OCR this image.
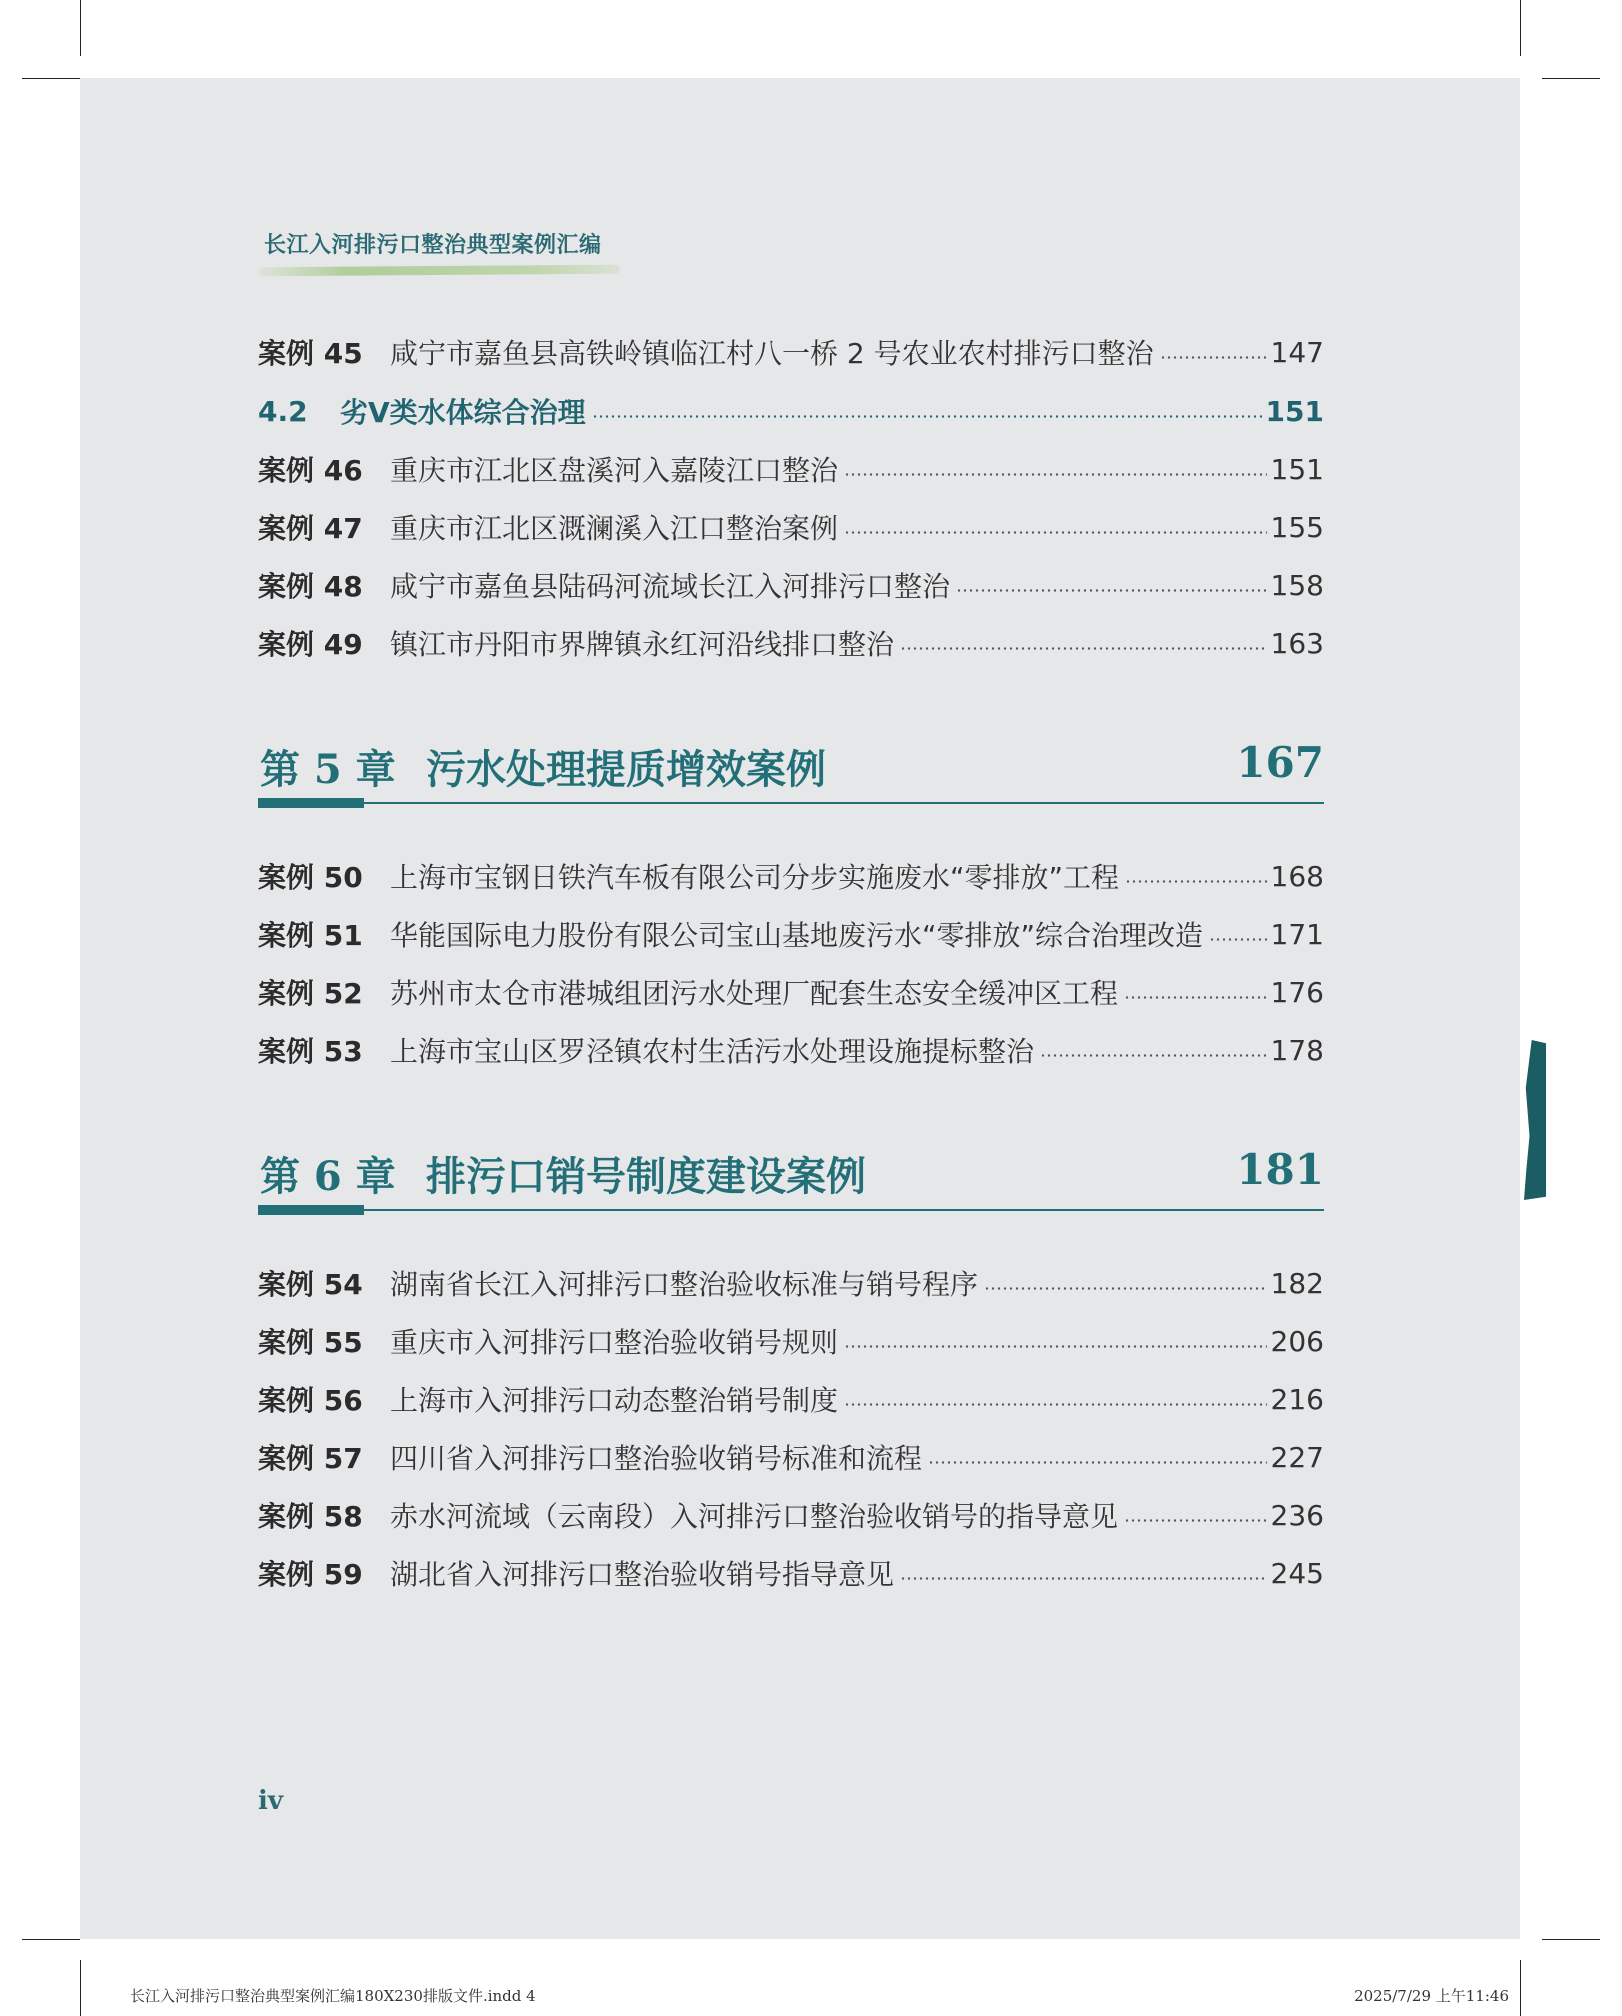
长江入河排污口整治典型案例汇编
案例 45 咸宁市嘉鱼县高铁岭镇临江村八一桥 2 号农业农村排污口整治	147
4.2	劣Ⅴ类水体综合治理	151
案例 46 重庆市江北区盘溪河入嘉陵江口整治	151
案例 47 重庆市江北区溉澜溪入江口整治案例	155
案例 48 咸宁市嘉鱼县陆码河流域长江入河排污口整治	158
案例 49 镇江市丹阳市界牌镇永红河沿线排口整治	163
第 5 章 污水处理提质增效案例	167
案例 50 上海市宝钢日铁汽车板有限公司分步实施废水“零排放”工程	168
案例 51 华能国际电力股份有限公司宝山基地废污水“零排放”综合治理改造 171
案例 52 苏州市太仓市港城组团污水处理厂配套生态安全缓冲区工程	176
案例 53 上海市宝山区罗泾镇农村生活污水处理设施提标整治	178
第 6 章 排污口销号制度建设案例	181
案例 54 湖南省长江入河排污口整治验收标准与销号程序	182
案例 55 重庆市入河排污口整治验收销号规则	206
案例 56 上海市入河排污口动态整治销号制度	216
案例 57 四川省入河排污口整治验收销号标准和流程	227
案例 58 赤水河流域（云南段）入河排污口整治验收销号的指导意见	236
案例 59 湖北省入河排污口整治验收销号指导意见	245
iv
长江入河排污口整治典型案例汇编180X230排版文件.indd 4	2025/7/29 上午11:46
